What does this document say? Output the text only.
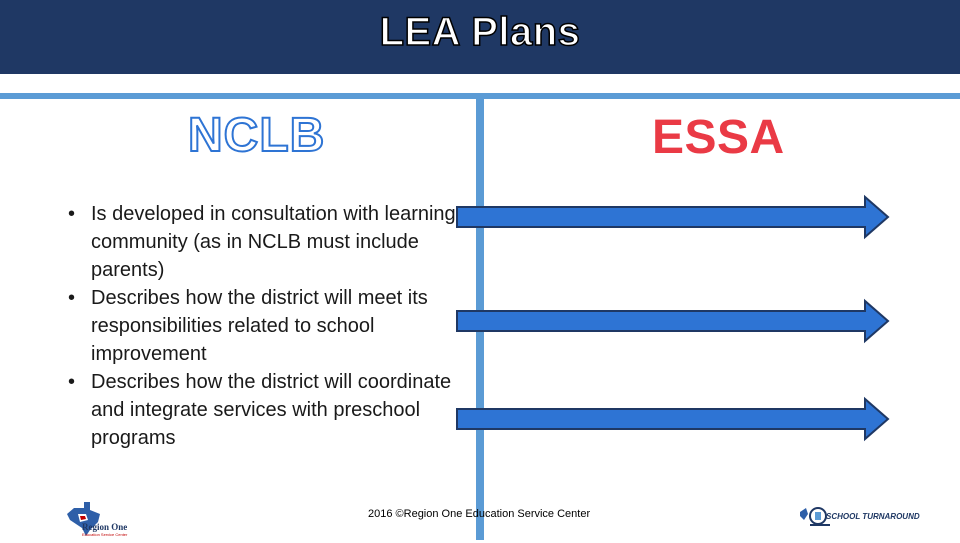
LEA Plans
NCLB	ESSA
• Is developed in consultation with learning community (as in NCLB must include parents)
• Describes how the district will meet its responsibilities related to school improvement
• Describes how the district will coordinate and integrate services with preschool programs
2016 ©Region One Education Service Center
Region One
Education Service Center
SCHOOL TURNAROUND
